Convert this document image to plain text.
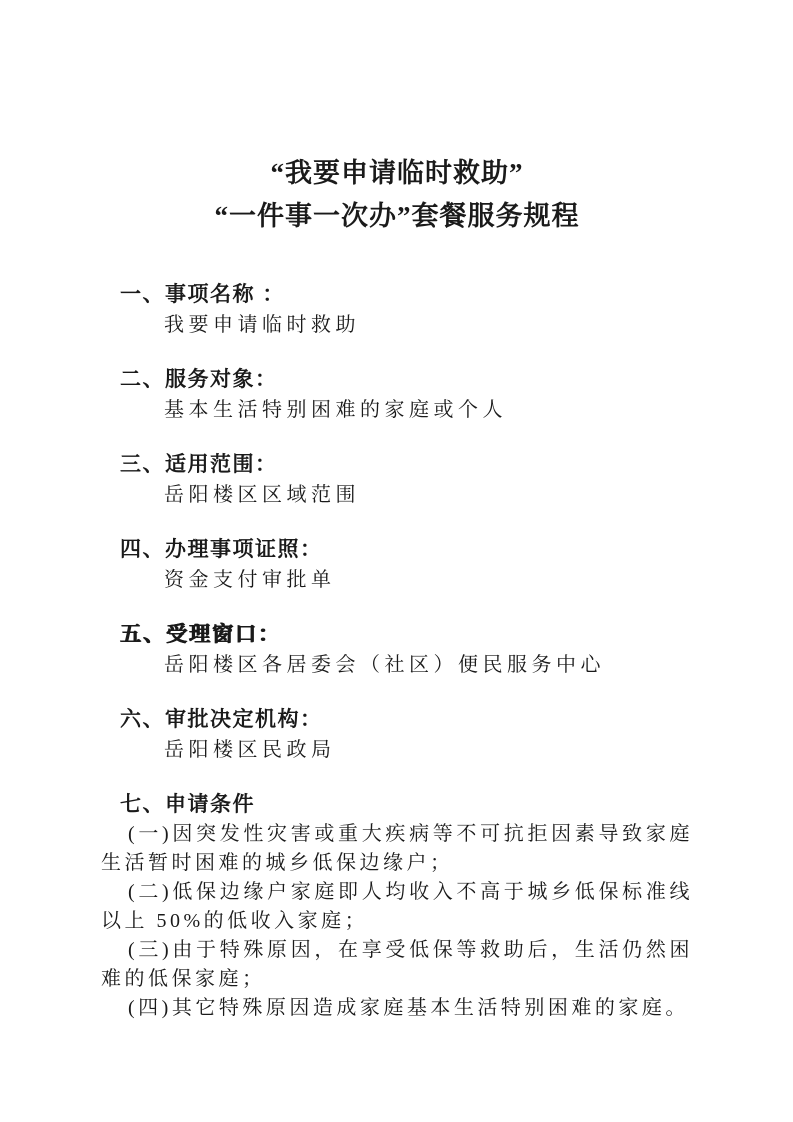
“我要申请临时救助”
“一件事一次办”套餐服务规程
一、事项名称 ：
我要申请临时救助
二、服务对象：
基本生活特别困难的家庭或个人
三、适用范围：
岳阳楼区区域范围
四、办理事项证照：
资金支付审批单
五、受理窗口：
岳阳楼区各居委会（社区）便民服务中心
六、审批决定机构：
岳阳楼区民政局
七、申请条件

(一)因突发性灾害或重大疾病等不可抗拒因素导致家庭生活暂时困难的城乡低保边缘户；

(二)低保边缘户家庭即人均收入不高于城乡低保标准线以上 50%的低收入家庭；

(三)由于特殊原因，在享受低保等救助后，生活仍然困难的低保家庭；

(四)其它特殊原因造成家庭基本生活特别困难的家庭。
